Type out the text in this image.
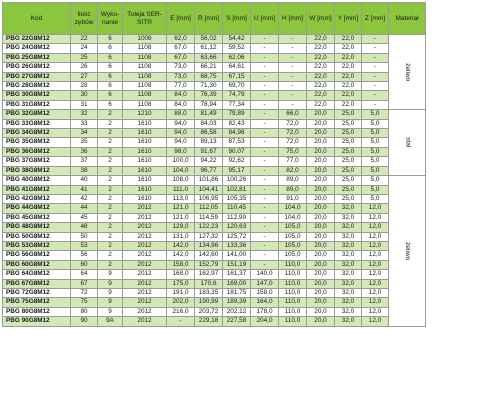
Kod	Ilość zębów	Wyko-nanie	Tuleja SER-SIT®	E [mm]	R [mm]	S [mm]	U [mm]	H [mm]	W [mm]	Y [mm]	Z [mm]	Materiał
PBG 22G8M12	22	6	1008	62,0	56,02	54,42	-	-	22,0	22,0	-	żeliwo
PBG 24G8M12	24	6	1108	67,0	61,12	59,52	-	-	22,0	22,0	-	
PBG 25G8M12	25	6	1108	67,0	63,66	62,06	-	-	22,0	22,0	-	
PBG 26G8M12	26	6	1108	73,0	66,21	64,61	-	-	22,0	22,0	-	
PBG 27G8M12	27	6	1108	73,0	68,75	67,15	-	-	22,0	22,0	-	
PBG 28G8M12	28	6	1108	77,0	71,30	69,70	-	-	22,0	22,0	-	
PBG 30G8M12	30	6	1108	84,0	76,39	74,79	-	-	22,0	22,0	-	
PBG 31G8M12	31	6	1108	84,0	78,94	77,34	-	-	22,0	22,0	-	
PBG 32G8M12	32	2	1210	88,0	81,49	79,89	-	66,0	20,0	25,0	5,0	stal
PBG 33G8M12	33	2	1610	94,0	84,03	82,43	-	72,0	20,0	25,0	5,0	
PBG 34G8M12	34	2	1610	94,0	86,58	84,98	-	72,0	20,0	25,0	5,0	
PBG 35G8M12	35	2	1610	94,0	89,13	87,53	-	72,0	20,0	25,0	5,0	
PBG 36G8M12	36	2	1610	98,0	91,67	90,07	-	75,0	20,0	25,0	5,0	
PBG 37G8M12	37	2	1610	100,0	94,22	92,62	-	77,0	20,0	25,0	5,0	
PBG 38G8M12	38	2	1610	104,0	96,77	95,17	-	82,0	20,0	25,0	5,0	
PBG 40G8M12	40	2	1610	108,0	101,86	100,26	-	89,0	20,0	25,0	5,0	żeliwo
PBG 41G8M12	41	2	1610	111,0	104,41	102,81	-	89,0	20,0	25,0	5,0	
PBG 42G8M12	42	2	1610	113,0	106,95	105,35	-	91,0	20,0	25,0	5,0	
PBG 44G8M12	44	2	2012	121,0	112,05	110,45	-	104,0	20,0	32,0	12,0	
PBG 45G8M12	45	2	2012	121,0	114,59	112,99	-	104,0	20,0	32,0	12,0	
PBG 48G8M12	48	2	2012	129,0	122,23	120,63	-	105,0	20,0	32,0	12,0	
PBG 50G8M12	50	2	2012	131,0	127,32	125,72	-	105,0	20,0	32,0	12,0	
PBG 53G8M12	53	2	2012	142,0	134,96	133,36	-	105,0	20,0	32,0	12,0	
PBG 56G8M12	56	2	2012	142,0	142,60	141,00	-	105,0	20,0	32,0	12,0	
PBG 60G8M12	60	2	2012	158,0	152,79	151,19	-	110,0	20,0	32,0	12,0	
PBG 64G8M12	64	9	2012	168,0	162,97	161,37	140,0	110,0	20,0	32,0	12,0	
PBG 67G8M12	67	9	2012	175,0	170,6	169,00	147,0	110,0	20,0	32,0	12,0	
PBG 72G8M12	72	9	2012	191,0	183,35	181,75	158,0	110,0	20,0	32,0	12,0	
PBG 75G8M12	75	9	2012	202,0	190,99	189,39	164,0	110,0	20,0	32,0	12,0	
PBG 80G8M12	80	9	2012	216,0	203,72	202,12	178,0	110,0	20,0	32,0	12,0	
PBG 90G8M12	90	9A	2012	-	229,18	227,58	204,0	110,0	20,0	32,0	12,0	
